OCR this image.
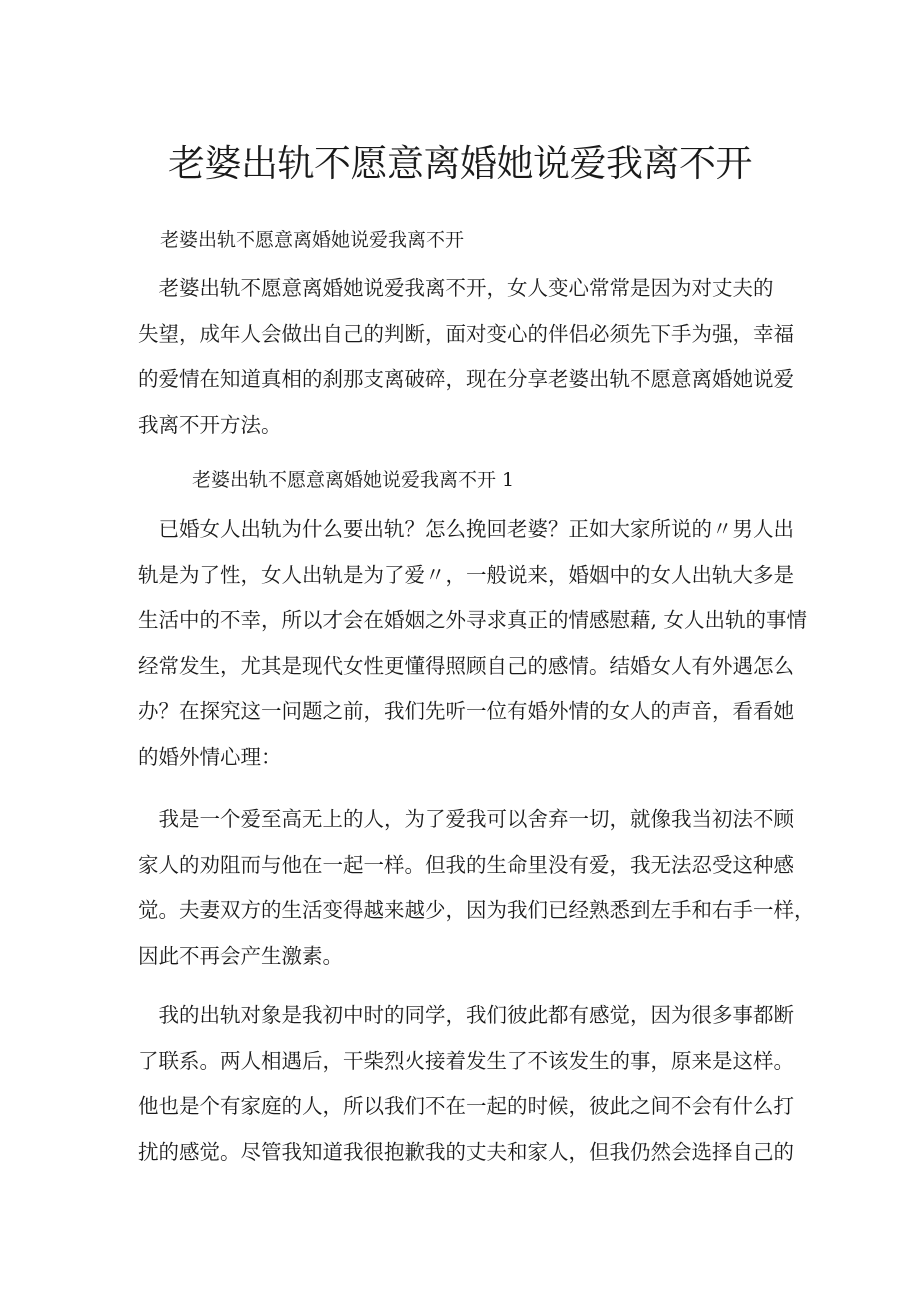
老婆出轨不愿意离婚她说爱我离不开

老婆出轨不愿意离婚她说爱我离不开

　老婆出轨不愿意离婚她说爱我离不开，女人变心常常是因为对丈夫的
失望，成年人会做出自己的判断，面对变心的伴侣必须先下手为强，幸福
的爱情在知道真相的刹那支离破碎，现在分享老婆出轨不愿意离婚她说爱
我离不开方法。

老婆出轨不愿意离婚她说爱我离不开 1

　已婚女人出轨为什么要出轨？怎么挽回老婆？正如大家所说的〃男人出
轨是为了性，女人出轨是为了爱〃，一般说来，婚姻中的女人出轨大多是
生活中的不幸，所以才会在婚姻之外寻求真正的情感慰藉, 女人出轨的事情
经常发生，尤其是现代女性更懂得照顾自己的感情。结婚女人有外遇怎么
办？在探究这一问题之前，我们先听一位有婚外情的女人的声音，看看她
的婚外情心理：
　我是一个爱至高无上的人，为了爱我可以舍弃一切，就像我当初法不顾
家人的劝阻而与他在一起一样。但我的生命里没有爱，我无法忍受这种感
觉。夫妻双方的生活变得越来越少，因为我们已经熟悉到左手和右手一样，
因此不再会产生激素。
　我的出轨对象是我初中时的同学，我们彼此都有感觉，因为很多事都断
了联系。两人相遇后，干柴烈火接着发生了不该发生的事，原来是这样。
他也是个有家庭的人，所以我们不在一起的时候，彼此之间不会有什么打
扰的感觉。尽管我知道我很抱歉我的丈夫和家人，但我仍然会选择自己的
